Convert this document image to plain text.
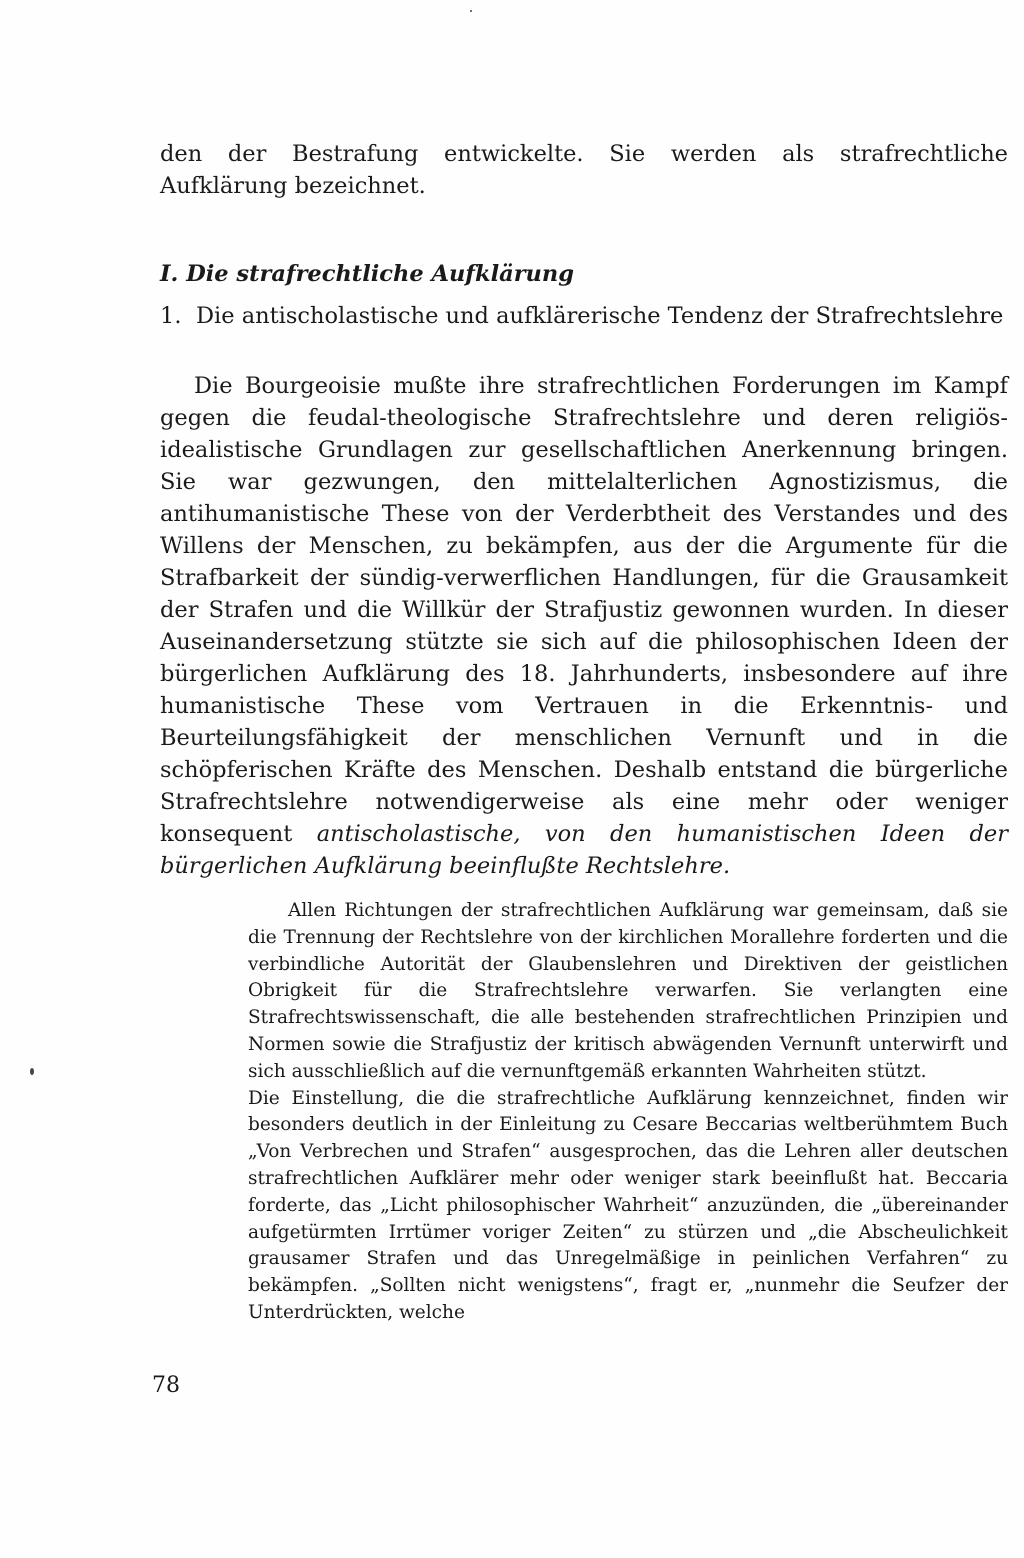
den der Bestrafung entwickelte. Sie werden als strafrechtliche Aufklärung bezeichnet.

I. Die strafrechtliche Aufklärung
1. Die antischolastische und aufklärerische Tendenz der Strafrechtslehre

Die Bourgeoisie mußte ihre strafrechtlichen Forderungen im Kampf gegen die feudal-theologische Strafrechtslehre und deren religiös-idealistische Grundlagen zur gesellschaftlichen Anerkennung bringen. Sie war gezwungen, den mittelalterlichen Agnostizismus, die antihumanistische These von der Verderbtheit des Verstandes und des Willens der Menschen, zu bekämpfen, aus der die Argumente für die Strafbarkeit der sündig-verwerflichen Handlungen, für die Grausamkeit der Strafen und die Willkür der Strafjustiz gewonnen wurden. In dieser Auseinandersetzung stützte sie sich auf die philosophischen Ideen der bürgerlichen Aufklärung des 18. Jahrhunderts, insbesondere auf ihre humanistische These vom Vertrauen in die Erkenntnis- und Beurteilungsfähigkeit der menschlichen Vernunft und in die schöpferischen Kräfte des Menschen. Deshalb entstand die bürgerliche Strafrechtslehre notwendigerweise als eine mehr oder weniger konsequent antischolastische, von den humanistischen Ideen der bürgerlichen Aufklärung beeinflußte Rechtslehre.

Allen Richtungen der strafrechtlichen Aufklärung war gemeinsam, daß sie die Trennung der Rechtslehre von der kirchlichen Morallehre forderten und die verbindliche Autorität der Glaubenslehren und Direktiven der geistlichen Obrigkeit für die Strafrechtslehre verwarfen. Sie verlangten eine Strafrechtswissenschaft, die alle bestehenden strafrechtlichen Prinzipien und Normen sowie die Strafjustiz der kritisch abwägenden Vernunft unterwirft und sich ausschließlich auf die vernunftgemäß erkannten Wahrheiten stützt.

Die Einstellung, die die strafrechtliche Aufklärung kennzeichnet, finden wir besonders deutlich in der Einleitung zu Cesare Beccarias weltberühmtem Buch „Von Verbrechen und Strafen“ ausgesprochen, das die Lehren aller deutschen strafrechtlichen Aufklärer mehr oder weniger stark beeinflußt hat. Beccaria forderte, das „Licht philosophischer Wahrheit“ anzuzünden, die „übereinander aufgetürmten Irrtümer voriger Zeiten“ zu stürzen und „die Abscheulichkeit grausamer Strafen und das Unregelmäßige in peinlichen Verfahren“ zu bekämpfen. „Sollten nicht wenigstens“, fragt er, „nunmehr die Seufzer der Unterdrückten, welche

78
